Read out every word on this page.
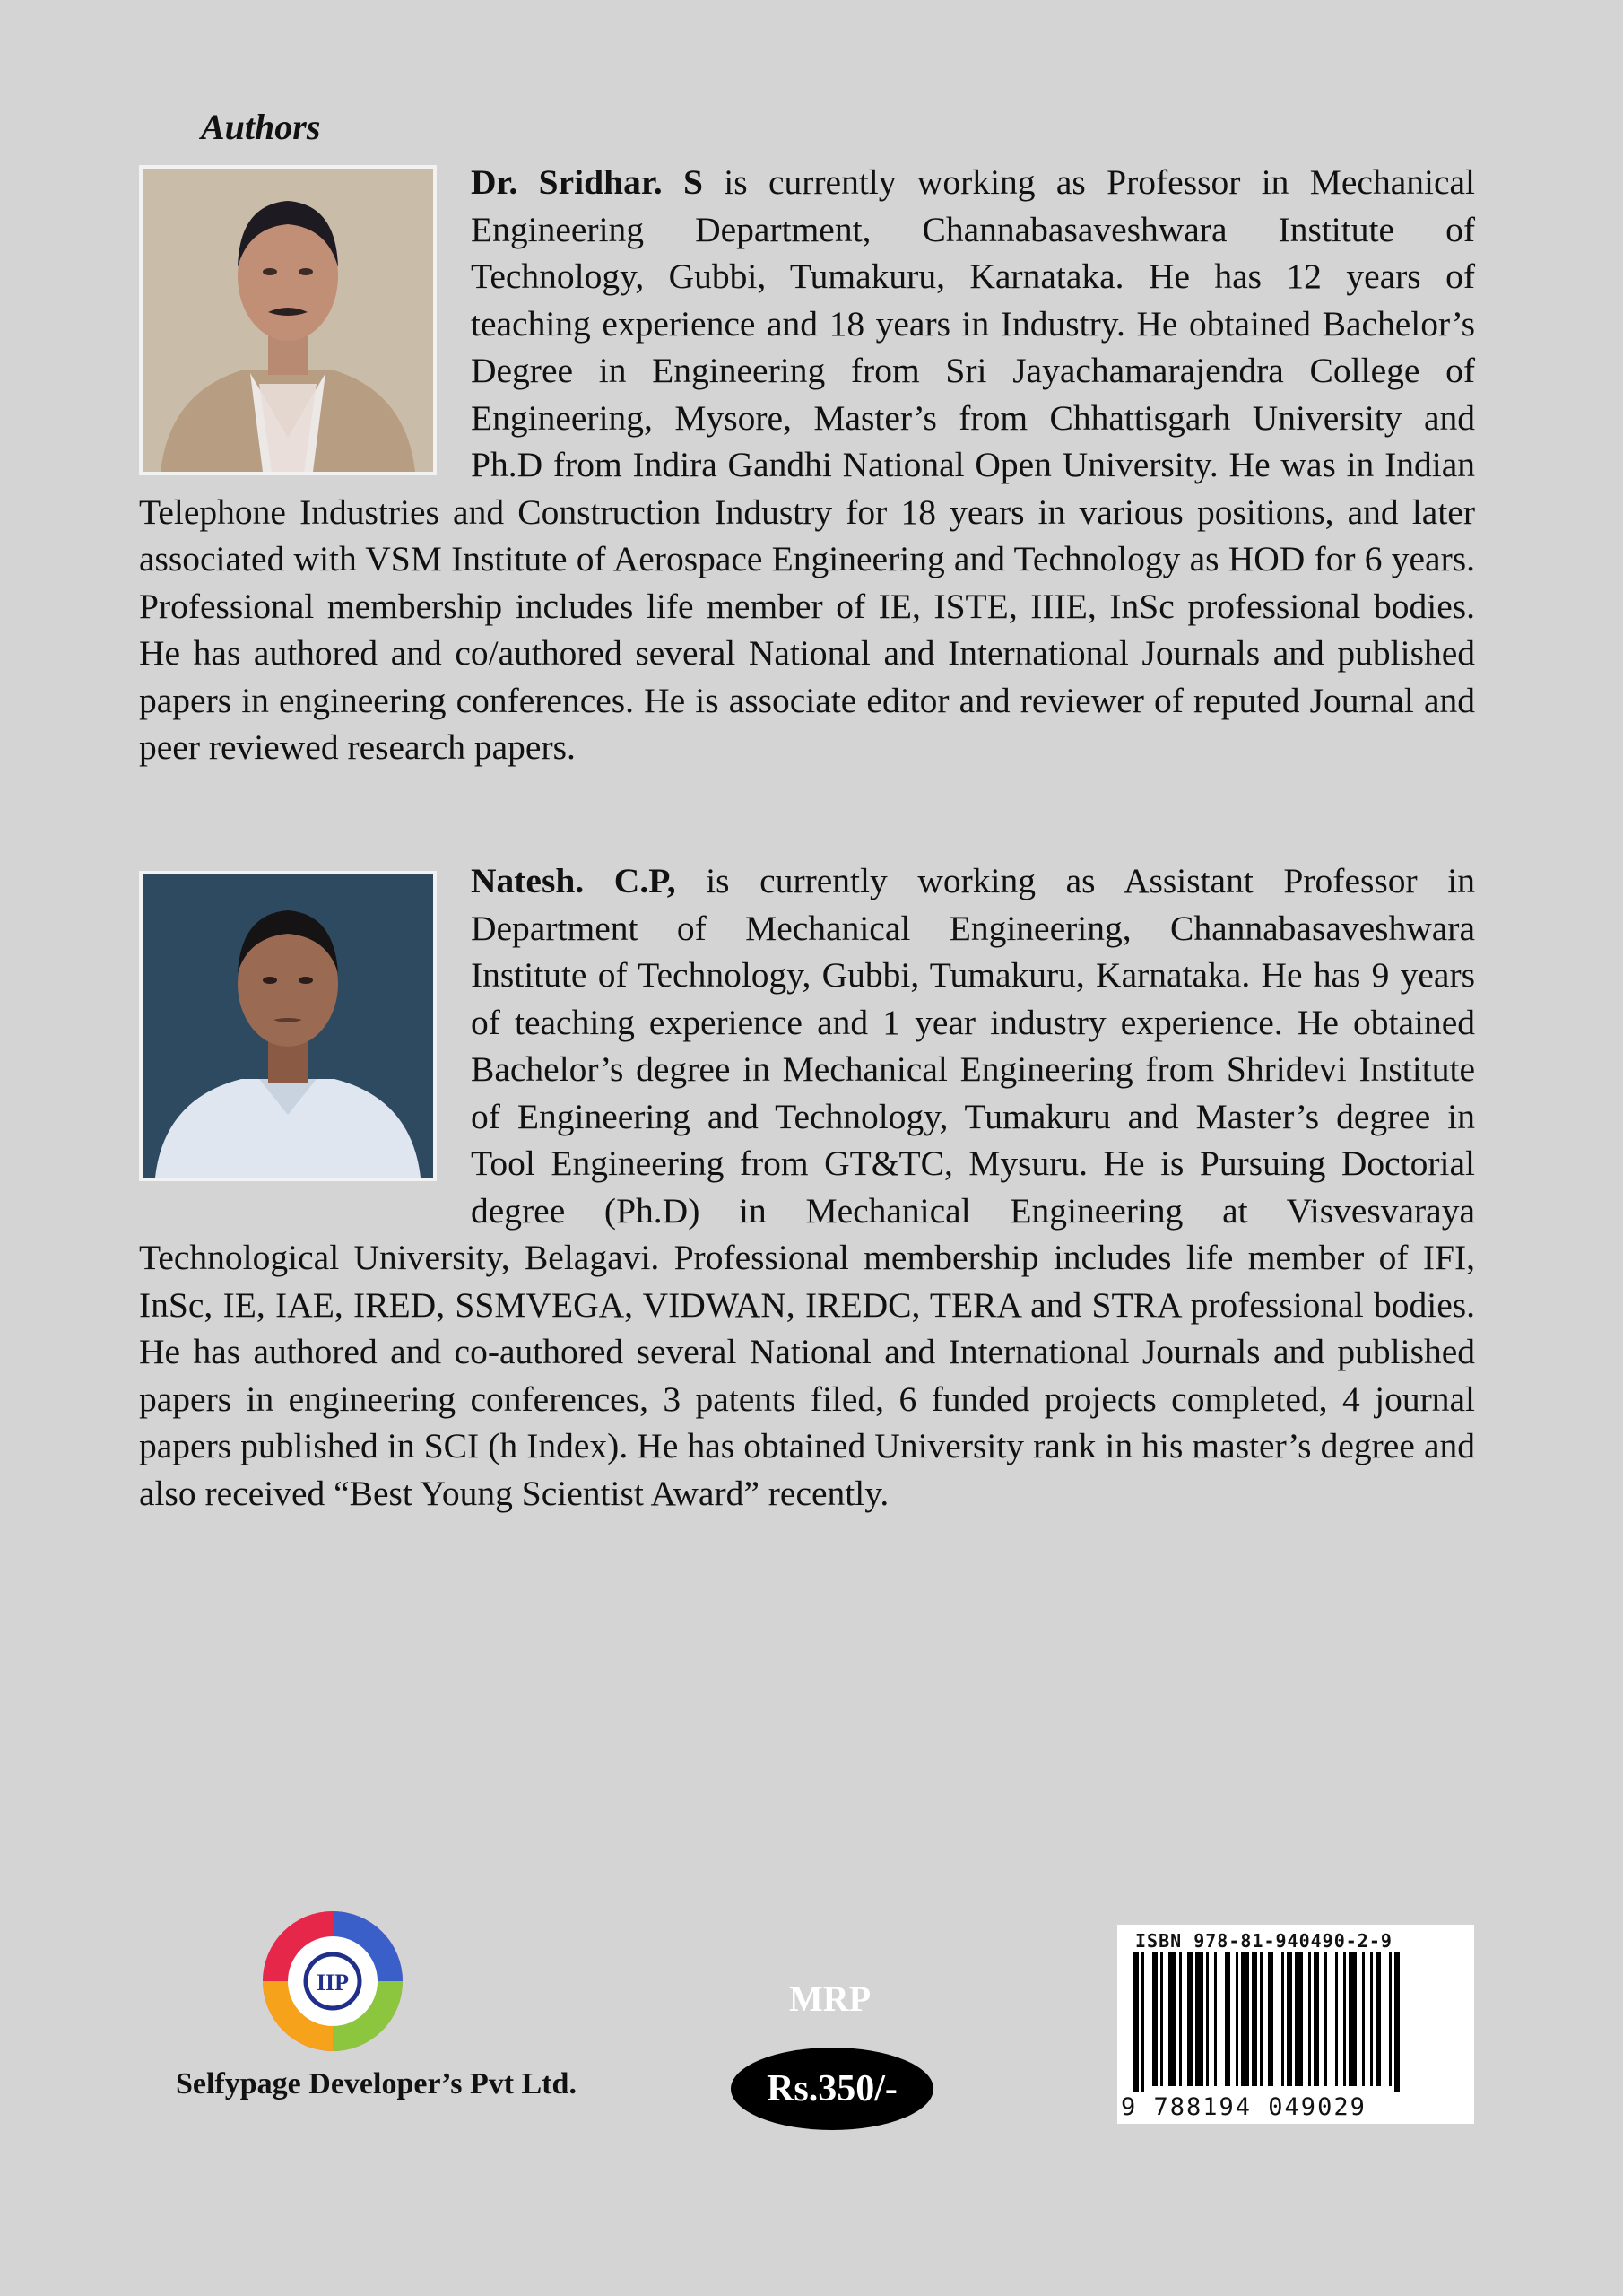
Authors
Dr. Sridhar. S is currently working as Professor in Mechanical Engineering Department, Channabasaveshwara Institute of Technology, Gubbi, Tumakuru, Karnataka. He has 12 years of teaching experience and 18 years in Industry. He obtained Bachelor’s Degree in Engineering from Sri Jayachamarajendra College of Engineering, Mysore, Master’s from Chhattisgarh University and Ph.D from Indira Gandhi National Open University. He was in Indian Telephone Industries and Construction Industry for 18 years in various positions, and later associated with VSM Institute of Aerospace Engineering and Technology as HOD for 6 years. Professional membership includes life member of IE, ISTE, IIIE, InSc professional bodies. He has authored and co/authored several National and International Journals and published papers in engineering conferences. He is associate editor and reviewer of reputed Journal and peer reviewed research papers.
Natesh. C.P, is currently working as Assistant Professor in Department of Mechanical Engineering, Channabasaveshwara Institute of Technology, Gubbi, Tumakuru, Karnataka. He has 9 years of teaching experience and 1 year industry experience. He obtained Bachelor’s degree in Mechanical Engineering from Shridevi Institute of Engineering and Technology, Tumakuru and Master’s degree in Tool Engineering from GT&TC, Mysuru. He is Pursuing Doctorial degree (Ph.D) in Mechanical Engineering at Visvesvaraya Technological University, Belagavi. Professional membership includes life member of IFI, InSc, IE, IAE, IRED, SSMVEGA, VIDWAN, IREDC, TERA and STRA professional bodies. He has authored and co-authored several National and International Journals and published papers in engineering conferences, 3 patents filed, 6 funded projects completed, 4 journal papers published in SCI (h Index). He has obtained University rank in his master’s degree and also received “Best Young Scientist Award” recently.
IIP
Selfypage Developer’s Pvt Ltd.
MRP
Rs.350/-
ISBN 978-81-940490-2-9
9 788194 049029
